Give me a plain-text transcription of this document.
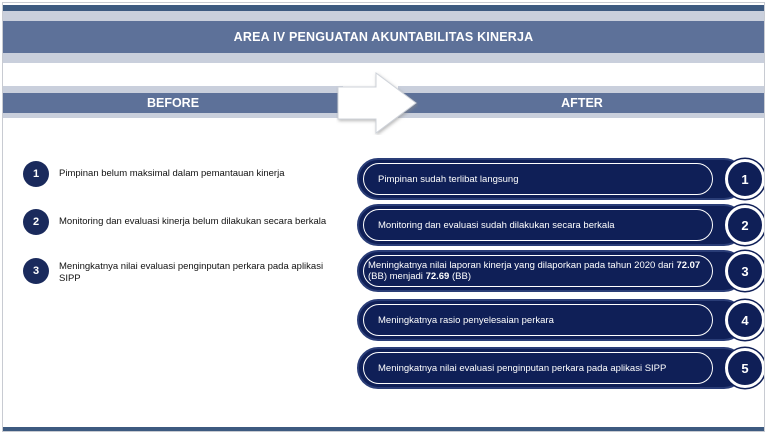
AREA IV PENGUATAN AKUNTABILITAS KINERJA
BEFORE	AFTER
1	Pimpinan belum maksimal dalam pemantauan kinerja
2	Monitoring dan evaluasi kinerja belum dilakukan secara berkala
3	Meningkatnya nilai evaluasi penginputan perkara pada aplikasi SIPP
Pimpinan sudah terlibat langsung	1
Monitoring dan evaluasi sudah dilakukan secara berkala	2
Meningkatnya nilai laporan kinerja yang dilaporkan pada tahun 2020 dari 72.07 (BB) menjadi 72.69 (BB)	3
Meningkatnya rasio penyelesaian perkara	4
Meningkatnya nilai evaluasi penginputan perkara pada aplikasi SIPP	5
